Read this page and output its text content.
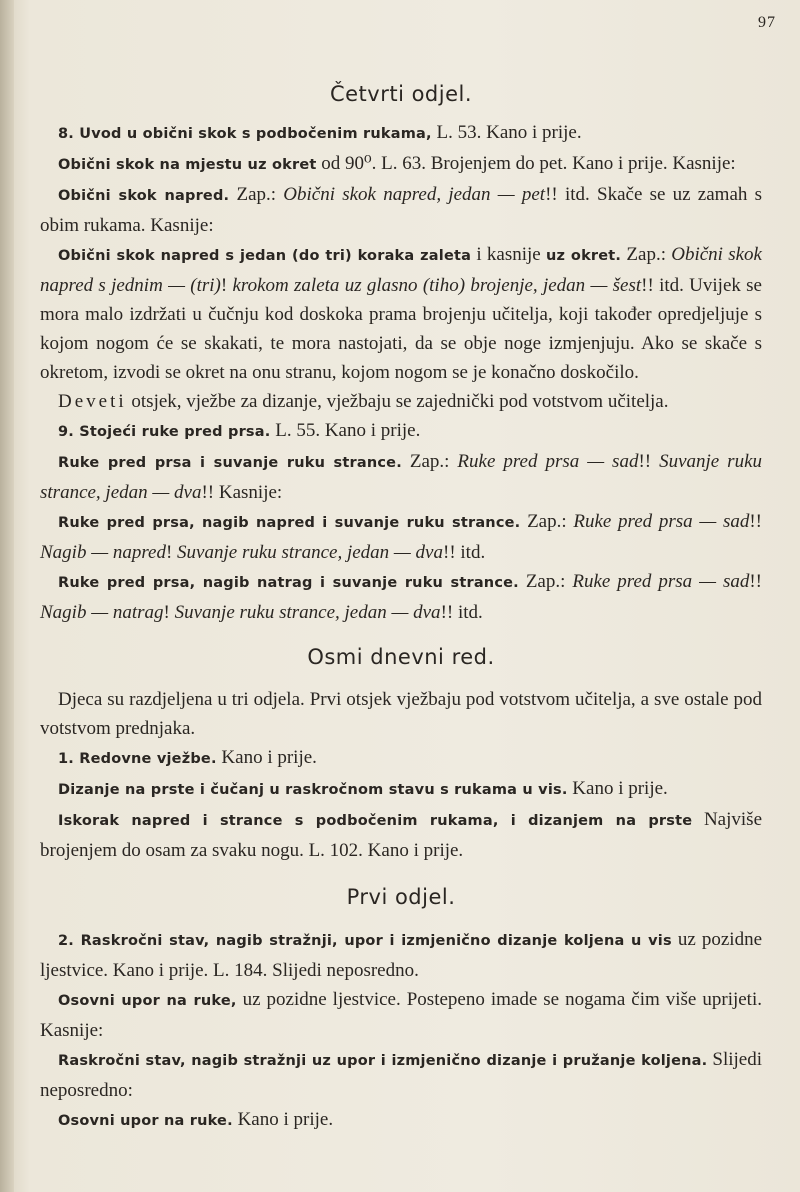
97
Četvrti odjel.

8. Uvod u obični skok s podbočenim rukama, L. 53. Kano i prije.

Obični skok na mjestu uz okret od 90⁰. L. 63. Brojenjem do pet. Kano i prije. Kasnije:

Obični skok napred. Zap.: Obični skok napred, jedan — pet!! itd. Skače se uz zamah s obim rukama. Kasnije:

Obični skok napred s jedan (do tri) koraka zaleta i kasnije uz okret. Zap.: Obični skok napred s jednim — (tri)! krokom zaleta uz glasno (tiho) brojenje, jedan — šest!! itd. Uvijek se mora malo izdržati u čučnju kod doskoka prama brojenju učitelja, koji također opredjeljuje s kojom nogom će se skakati, te mora nastojati, da se obje noge izmjenjuju. Ako se skače s okretom, izvodi se okret na onu stranu, kojom nogom se je konačno doskočilo.

Deveti otsjek, vježbe za dizanje, vježbaju se zajednički pod votstvom učitelja.

9. Stojeći ruke pred prsa. L. 55. Kano i prije.

Ruke pred prsa i suvanje ruku strance. Zap.: Ruke pred prsa — sad!! Suvanje ruku strance, jedan — dva!! Kasnije:

Ruke pred prsa, nagib napred i suvanje ruku strance. Zap.: Ruke pred prsa — sad!! Nagib — napred! Suvanje ruku strance, jedan — dva!! itd.

Ruke pred prsa, nagib natrag i suvanje ruku strance. Zap.: Ruke pred prsa — sad!! Nagib — natrag! Suvanje ruku strance, jedan — dva!! itd.

Osmi dnevni red.

Djeca su razdjeljena u tri odjela. Prvi otsjek vježbaju pod votstvom učitelja, a sve ostale pod votstvom prednjaka.

1. Redovne vježbe. Kano i prije.

Dizanje na prste i čučanj u raskročnom stavu s rukama u vis. Kano i prije.

Iskorak napred i strance s podbočenim rukama, i dizanjem na prste Najviše brojenjem do osam za svaku nogu. L. 102. Kano i prije.

Prvi odjel.

2. Raskročni stav, nagib stražnji, upor i izmjenično dizanje koljena u vis uz pozidne ljestvice. Kano i prije. L. 184. Slijedi neposredno.

Osovni upor na ruke, uz pozidne ljestvice. Postepeno imade se nogama čim više uprijeti. Kasnije:

Raskročni stav, nagib stražnji uz upor i izmjenično dizanje i pružanje koljena. Slijedi neposredno:

Osovni upor na ruke. Kano i prije.
